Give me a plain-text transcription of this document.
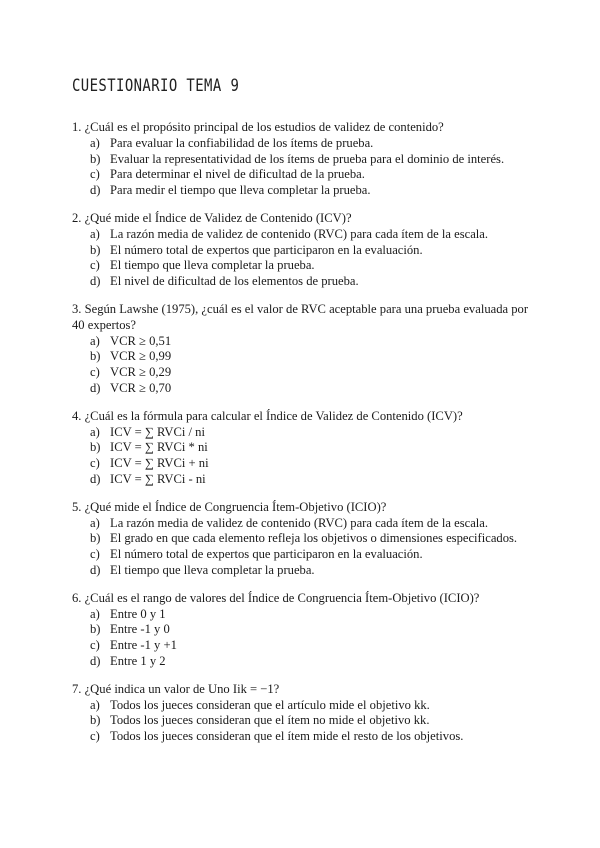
CUESTIONARIO TEMA 9

1. ¿Cuál es el propósito principal de los estudios de validez de contenido?

a) Para evaluar la confiabilidad de los ítems de prueba.
b) Evaluar la representatividad de los ítems de prueba para el dominio de interés.
c) Para determinar el nivel de dificultad de la prueba.
d) Para medir el tiempo que lleva completar la prueba.

2. ¿Qué mide el Índice de Validez de Contenido (ICV)?

a) La razón media de validez de contenido (RVC) para cada ítem de la escala.
b) El número total de expertos que participaron en la evaluación.
c) El tiempo que lleva completar la prueba.
d) El nivel de dificultad de los elementos de prueba.

3. Según Lawshe (1975), ¿cuál es el valor de RVC aceptable para una prueba evaluada por 40 expertos?

a) VCR ≥ 0,51
b) VCR ≥ 0,99
c) VCR ≥ 0,29
d) VCR ≥ 0,70

4. ¿Cuál es la fórmula para calcular el Índice de Validez de Contenido (ICV)?

a) ICV = ∑ RVCi / ni
b) ICV = ∑ RVCi * ni
c) ICV = ∑ RVCi + ni
d) ICV = ∑ RVCi - ni

5. ¿Qué mide el Índice de Congruencia Ítem-Objetivo (ICIO)?

a) La razón media de validez de contenido (RVC) para cada ítem de la escala.
b) El grado en que cada elemento refleja los objetivos o dimensiones especificados.
c) El número total de expertos que participaron en la evaluación.
d) El tiempo que lleva completar la prueba.

6. ¿Cuál es el rango de valores del Índice de Congruencia Ítem-Objetivo (ICIO)?

a) Entre 0 y 1
b) Entre -1 y 0
c) Entre -1 y +1
d) Entre 1 y 2

7. ¿Qué indica un valor de Uno Iik = −1?

a) Todos los jueces consideran que el artículo mide el objetivo kk.
b) Todos los jueces consideran que el ítem no mide el objetivo kk.
c) Todos los jueces consideran que el ítem mide el resto de los objetivos.
